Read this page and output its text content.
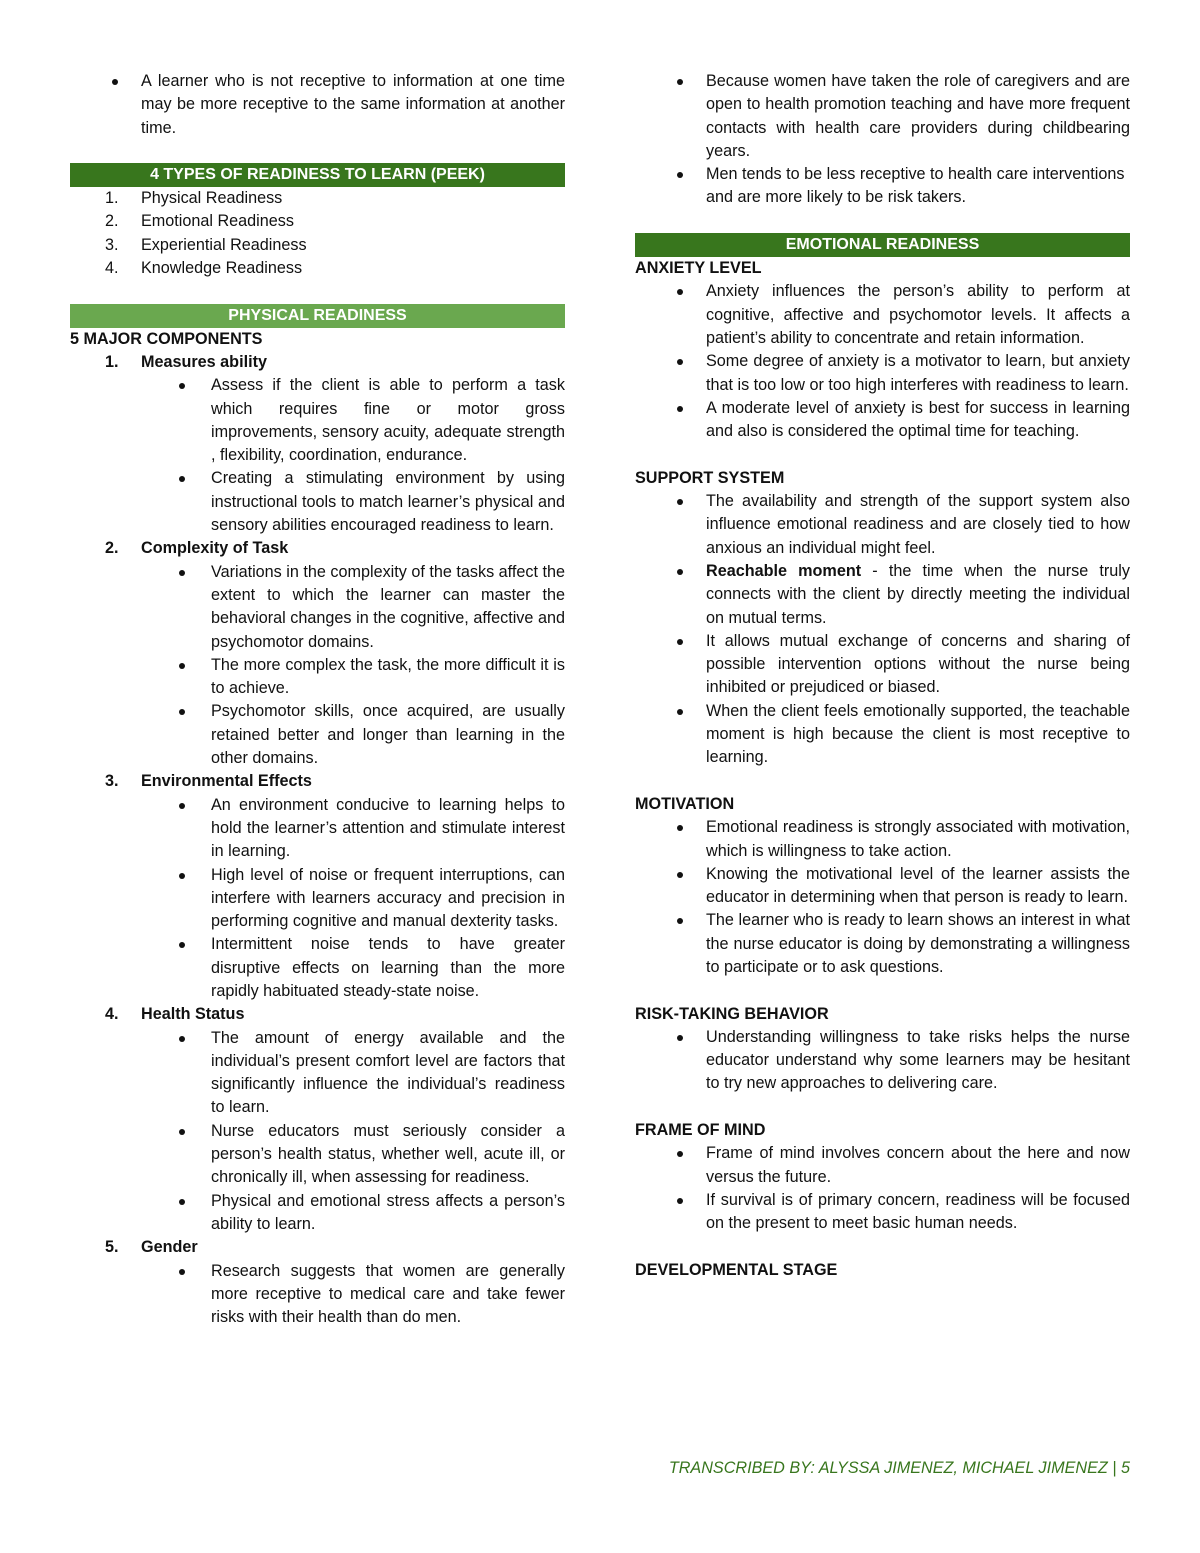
A learner who is not receptive to information at one time may be more receptive to the same information at another time.
4 TYPES OF READINESS TO LEARN (PEEK)
1. Physical Readiness
2. Emotional Readiness
3. Experiential Readiness
4. Knowledge Readiness
PHYSICAL READINESS
5 MAJOR COMPONENTS
1. Measures ability
Assess if the client is able to perform a task which requires fine or motor gross improvements, sensory acuity, adequate strength , flexibility, coordination, endurance.
Creating a stimulating environment by using instructional tools to match learner’s physical and sensory abilities encouraged readiness to learn.
2. Complexity of Task
Variations in the complexity of the tasks affect the extent to which the learner can master the behavioral changes in the cognitive, affective and psychomotor domains.
The more complex the task, the more difficult it is to achieve.
Psychomotor skills, once acquired, are usually retained better and longer than learning in the other domains.
3. Environmental Effects
An environment conducive to learning helps to hold the learner’s attention and stimulate interest in learning.
High level of noise or frequent interruptions, can interfere with learners accuracy and precision in performing cognitive and manual dexterity tasks.
Intermittent noise tends to have greater disruptive effects on learning than the more rapidly habituated steady-state noise.
4. Health Status
The amount of energy available and the individual’s present comfort level are factors that significantly influence the individual’s readiness to learn.
Nurse educators must seriously consider a person’s health status, whether well, acute ill, or chronically ill, when assessing for readiness.
Physical and emotional stress affects a person’s ability to learn.
5. Gender
Research suggests that women are generally more receptive to medical care and take fewer risks with their health than do men.
Because women have taken the role of caregivers and are open to health promotion teaching and have more frequent contacts with health care providers during childbearing years.
Men tends to be less receptive to health care interventions and are more likely to be risk takers.
EMOTIONAL READINESS
ANXIETY LEVEL
Anxiety influences the person’s ability to perform at cognitive, affective and psychomotor levels. It affects a patient’s ability to concentrate and retain information.
Some degree of anxiety is a motivator to learn, but anxiety that is too low or too high interferes with readiness to learn.
A moderate level of anxiety is best for success in learning and also is considered the optimal time for teaching.
SUPPORT SYSTEM
The availability and strength of the support system also influence emotional readiness and are closely tied to how anxious an individual might feel.
Reachable moment - the time when the nurse truly connects with the client by directly meeting the individual on mutual terms.
It allows mutual exchange of concerns and sharing of possible intervention options without the nurse being inhibited or prejudiced or biased.
When the client feels emotionally supported, the teachable moment is high because the client is most receptive to learning.
MOTIVATION
Emotional readiness is strongly associated with motivation, which is willingness to take action.
Knowing the motivational level of the learner assists the educator in determining when that person is ready to learn.
The learner who is ready to learn shows an interest in what the nurse educator is doing by demonstrating a willingness to participate or to ask questions.
RISK-TAKING BEHAVIOR
Understanding willingness to take risks helps the nurse educator understand why some learners may be hesitant to try new approaches to delivering care.
FRAME OF MIND
Frame of mind involves concern about the here and now versus the future.
If survival is of primary concern, readiness will be focused on the present to meet basic human needs.
DEVELOPMENTAL STAGE
TRANSCRIBED BY: ALYSSA JIMENEZ, MICHAEL JIMENEZ | 5
